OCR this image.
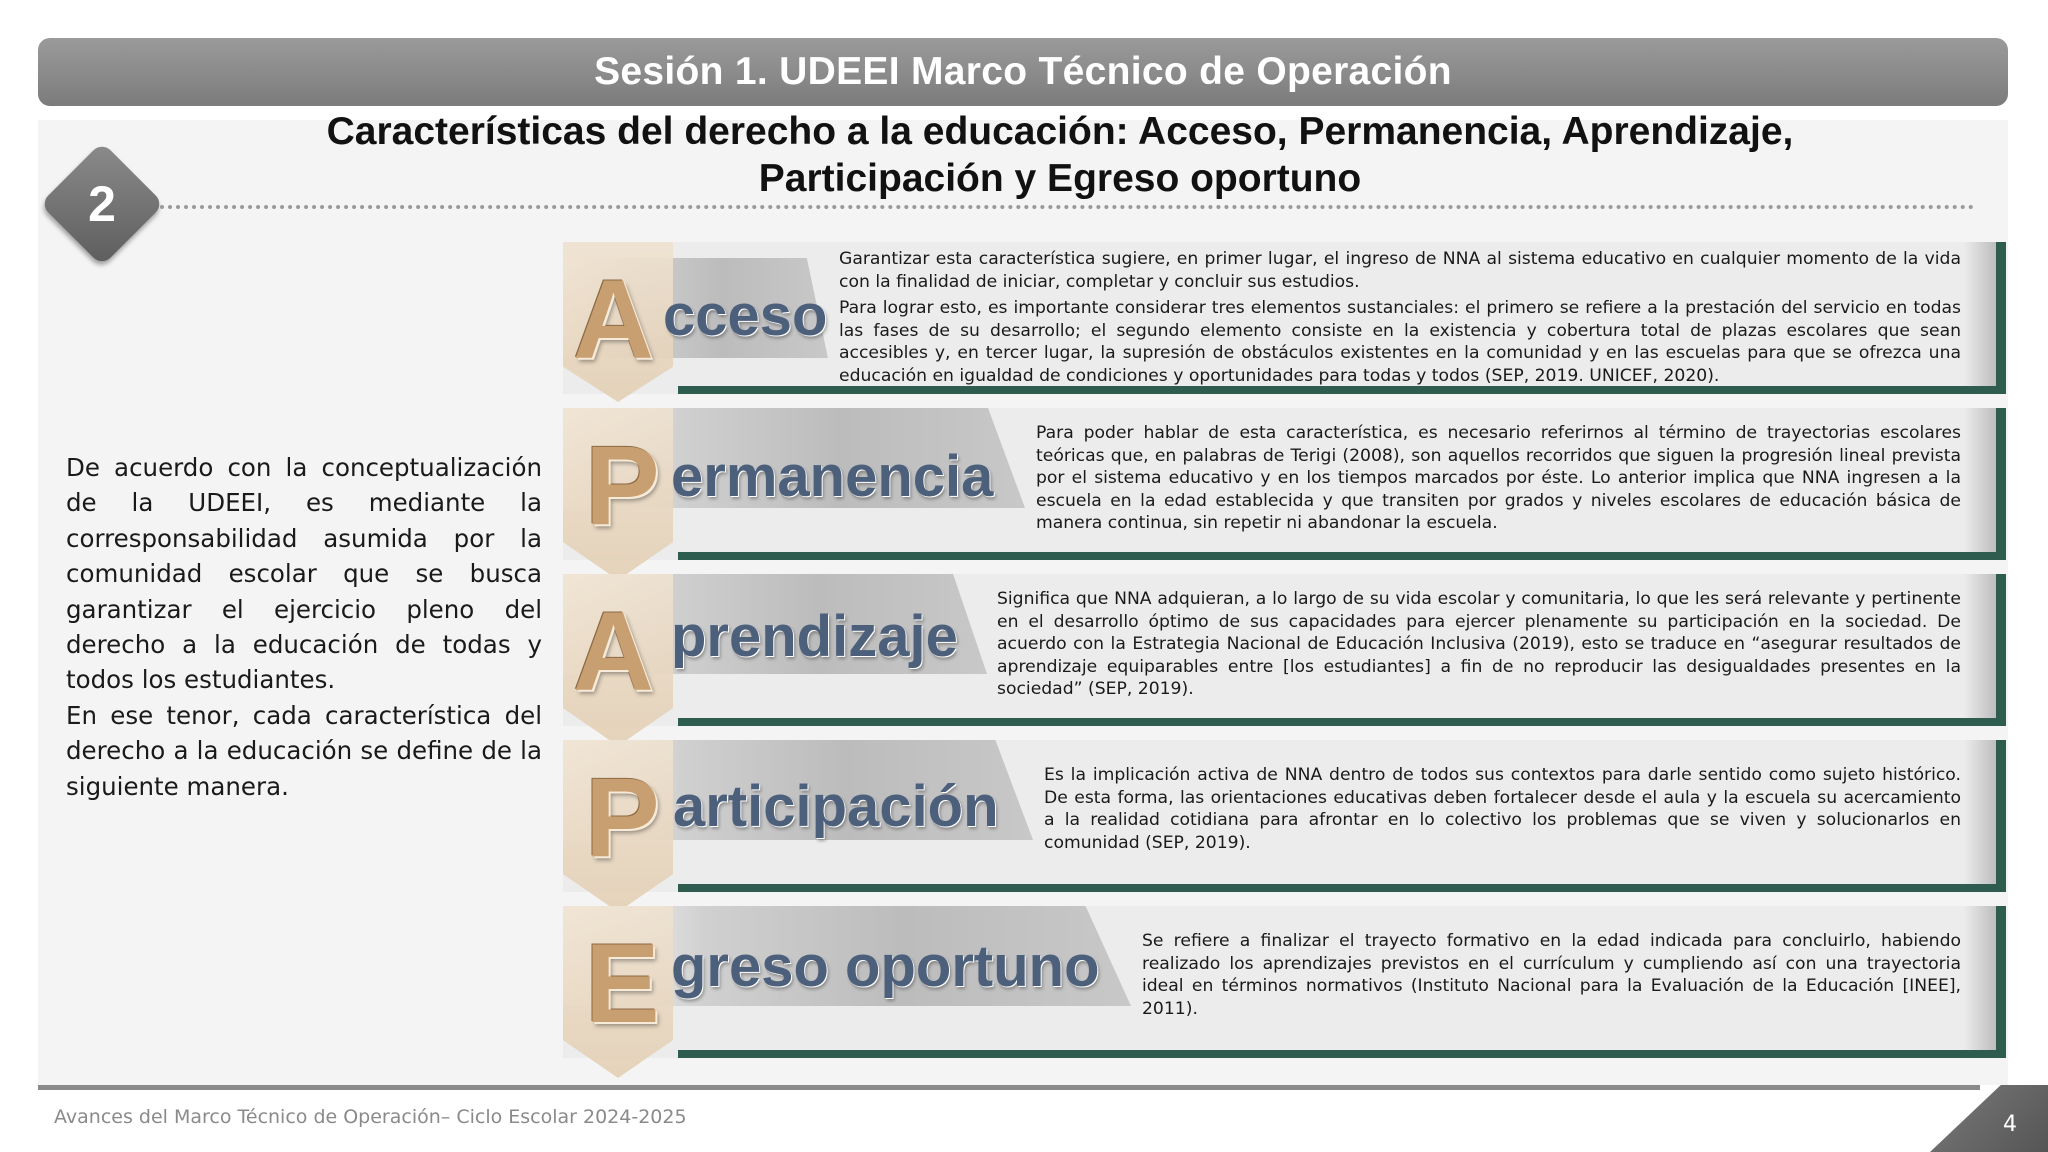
Sesión 1. UDEEI Marco Técnico de Operación
Características del derecho a la educación: Acceso, Permanencia, Aprendizaje,
Participación y Egreso oportuno
2

De acuerdo con la conceptualización de la UDEEI, es mediante la corresponsabilidad asumida por la comunidad escolar que se busca garantizar el ejercicio pleno del derecho a la educación de todas y todos los estudiantes.

En ese tenor, cada característica del derecho a la educación se define de la siguiente manera.

A cceso

Garantizar esta característica sugiere, en primer lugar, el ingreso de NNA al sistema educativo en cualquier momento de la vida con la finalidad de iniciar, completar y concluir sus estudios.

Para lograr esto, es importante considerar tres elementos sustanciales: el primero se refiere a la prestación del servicio en todas las fases de su desarrollo; el segundo elemento consiste en la existencia y cobertura total de plazas escolares que sean accesibles y, en tercer lugar, la supresión de obstáculos existentes en la comunidad y en las escuelas para que se ofrezca una educación en igualdad de condiciones y oportunidades para todas y todos (SEP, 2019. UNICEF, 2020).

P ermanencia

Para poder hablar de esta característica, es necesario referirnos al término de trayectorias escolares teóricas que, en palabras de Terigi (2008), son aquellos recorridos que siguen la progresión lineal prevista por el sistema educativo y en los tiempos marcados por éste. Lo anterior implica que NNA ingresen a la escuela en la edad establecida y que transiten por grados y niveles escolares de educación básica de manera continua, sin repetir ni abandonar la escuela.

A prendizaje

Significa que NNA adquieran, a lo largo de su vida escolar y comunitaria, lo que les será relevante y pertinente en el desarrollo óptimo de sus capacidades para ejercer plenamente su participación en la sociedad. De acuerdo con la Estrategia Nacional de Educación Inclusiva (2019), esto se traduce en “asegurar resultados de aprendizaje equiparables entre [los estudiantes] a fin de no reproducir las desigualdades presentes en la sociedad” (SEP, 2019).

P articipación	Es la implicación activa de NNA dentro de todos sus contextos para darle sentido como sujeto histórico. De esta forma, las orientaciones educativas deben fortalecer desde el aula y la escuela su acercamiento a la realidad cotidiana para afrontar en lo colectivo los problemas que se viven y solucionarlos en comunidad (SEP, 2019).

E greso oportuno Se refiere a finalizar el trayecto formativo en la edad indicada para concluirlo, habiendo realizado los aprendizajes previstos en el currículum y cumpliendo así con una trayectoria ideal en términos normativos (Instituto Nacional para la Evaluación de la Educación [INEE], 2011).

Avances del Marco Técnico de Operación– Ciclo Escolar 2024-2025	4
